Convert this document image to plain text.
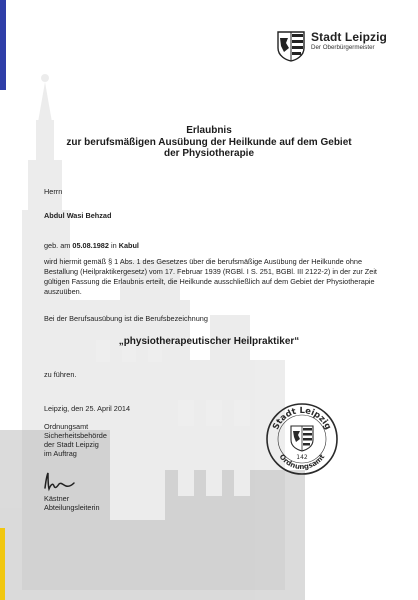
Stadt Leipzig
Der Oberbürgermeister
Erlaubnis
zur berufsmäßigen Ausübung der Heilkunde auf dem Gebiet
der Physiotherapie
Herrn
Abdul Wasi Behzad
geb. am 05.08.1982 in Kabul
wird hiermit gemäß § 1 Abs. 1 des Gesetzes über die berufsmäßige Ausübung der Heilkunde ohne Bestallung (Heilpraktikergesetz) vom 17. Februar 1939 (RGBl. I S. 251, BGBl. III 2122-2) in der zur Zeit gültigen Fassung die Erlaubnis erteilt, die Heilkunde ausschließlich auf dem Gebiet der Physiotherapie auszuüben.
Bei der Berufsausübung ist die Berufsbezeichnung
„physiotherapeutischer Heilpraktiker“
zu führen.
Leipzig, den 25. April 2014
Ordnungsamt
Sicherheitsbehörde
der Stadt Leipzig
im Auftrag
Kästner
Abteilungsleiterin
Stadt Leipzig
Ordnungsamt
142
